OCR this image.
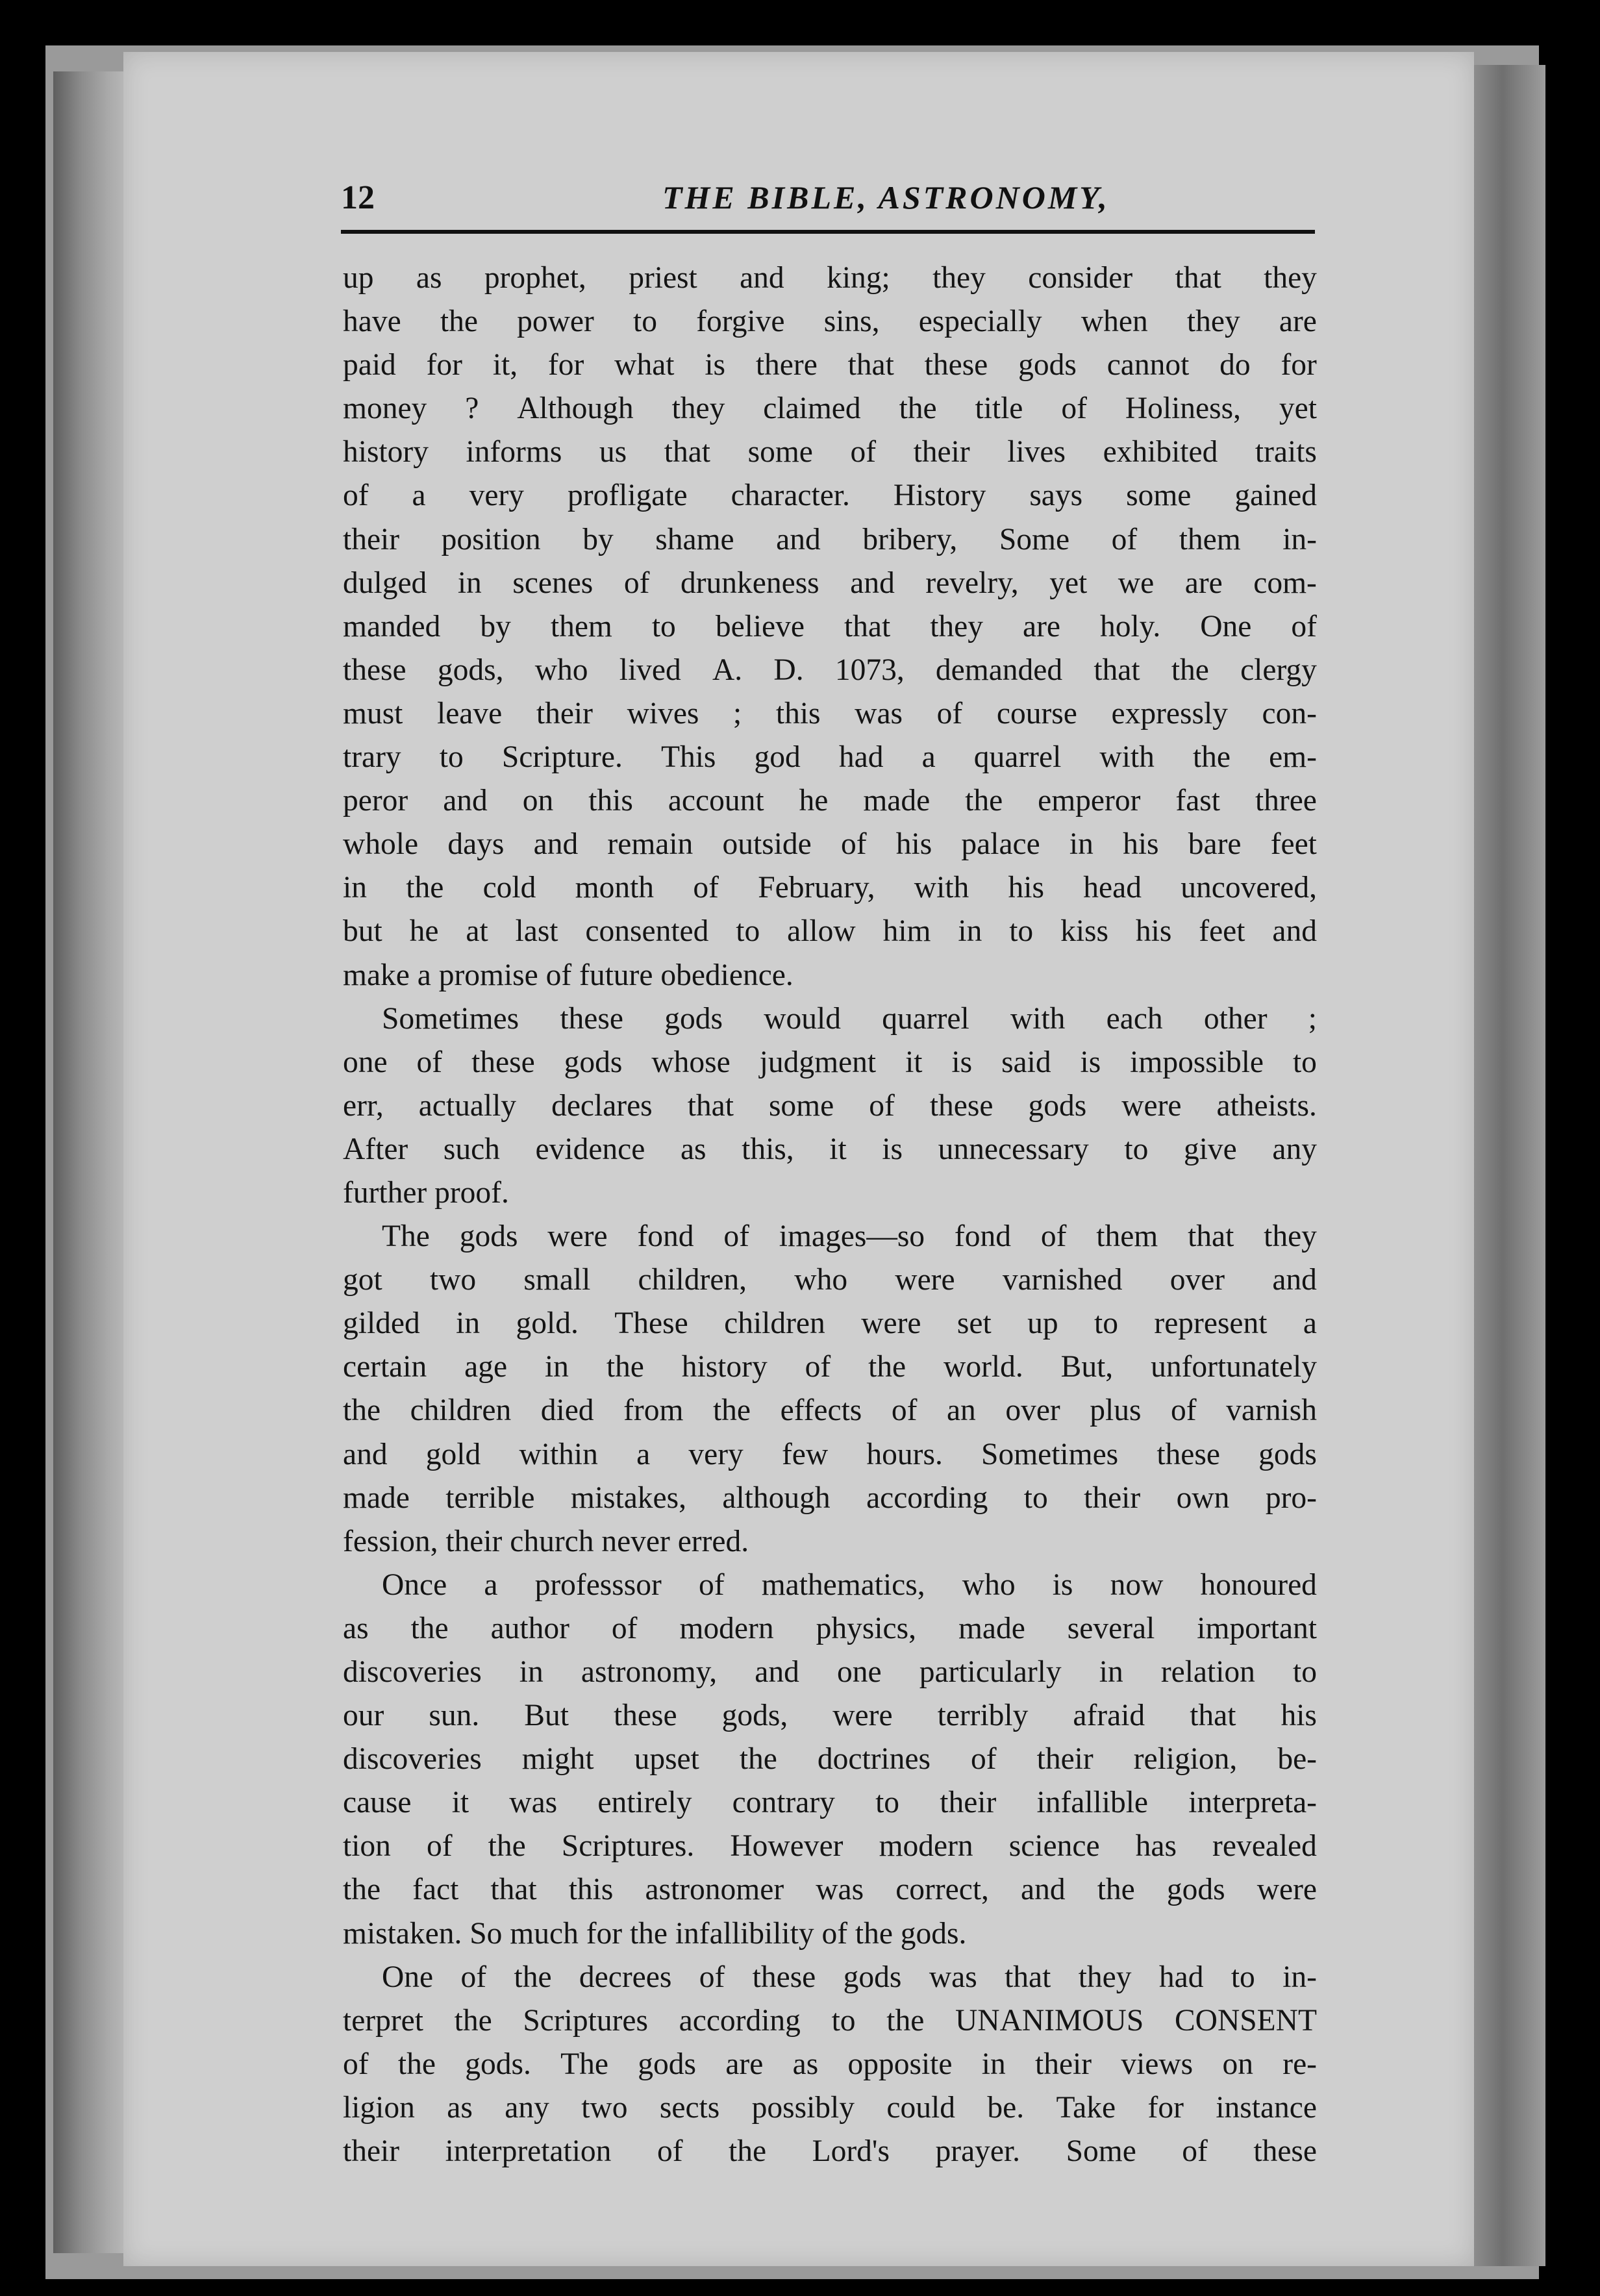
12	THE BIBLE, ASTRONOMY,
up as prophet, priest and king; they consider that they
have the power to forgive sins, especially when they are
paid for it, for what is there that these gods cannot do for
money ? Although they claimed the title of Holiness, yet
history informs us that some of their lives exhibited traits
of a very profligate character. History says some gained
their position by shame and bribery, Some of them in-
dulged in scenes of drunkeness and revelry, yet we are com-
manded by them to believe that they are holy. One of
these gods, who lived A. D. 1073, demanded that the clergy
must leave their wives ; this was of course expressly con-
trary to Scripture. This god had a quarrel with the em-
peror and on this account he made the emperor fast three
whole days and remain outside of his palace in his bare feet
in the cold month of February, with his head uncovered,
but he at last consented to allow him in to kiss his feet and
make a promise of future obedience.
Sometimes these gods would quarrel with each other ;
one of these gods whose judgment it is said is impossible to
err, actually declares that some of these gods were atheists.
After such evidence as this, it is unnecessary to give any
further proof.
The gods were fond of images—so fond of them that they
got two small children, who were varnished over and
gilded in gold. These children were set up to represent a
certain age in the history of the world. But, unfortunately
the children died from the effects of an over plus of varnish
and gold within a very few hours. Sometimes these gods
made terrible mistakes, although according to their own pro-
fession, their church never erred.
Once a professsor of mathematics, who is now honoured
as the author of modern physics, made several important
discoveries in astronomy, and one particularly in relation to
our sun. But these gods, were terribly afraid that his
discoveries might upset the doctrines of their religion, be-
cause it was entirely contrary to their infallible interpreta-
tion of the Scriptures. However modern science has revealed
the fact that this astronomer was correct, and the gods were
mistaken. So much for the infallibility of the gods.
One of the decrees of these gods was that they had to in-
terpret the Scriptures according to the UNANIMOUS CONSENT
of the gods. The gods are as opposite in their views on re-
ligion as any two sects possibly could be. Take for instance
their interpretation of the Lord's prayer. Some of these
